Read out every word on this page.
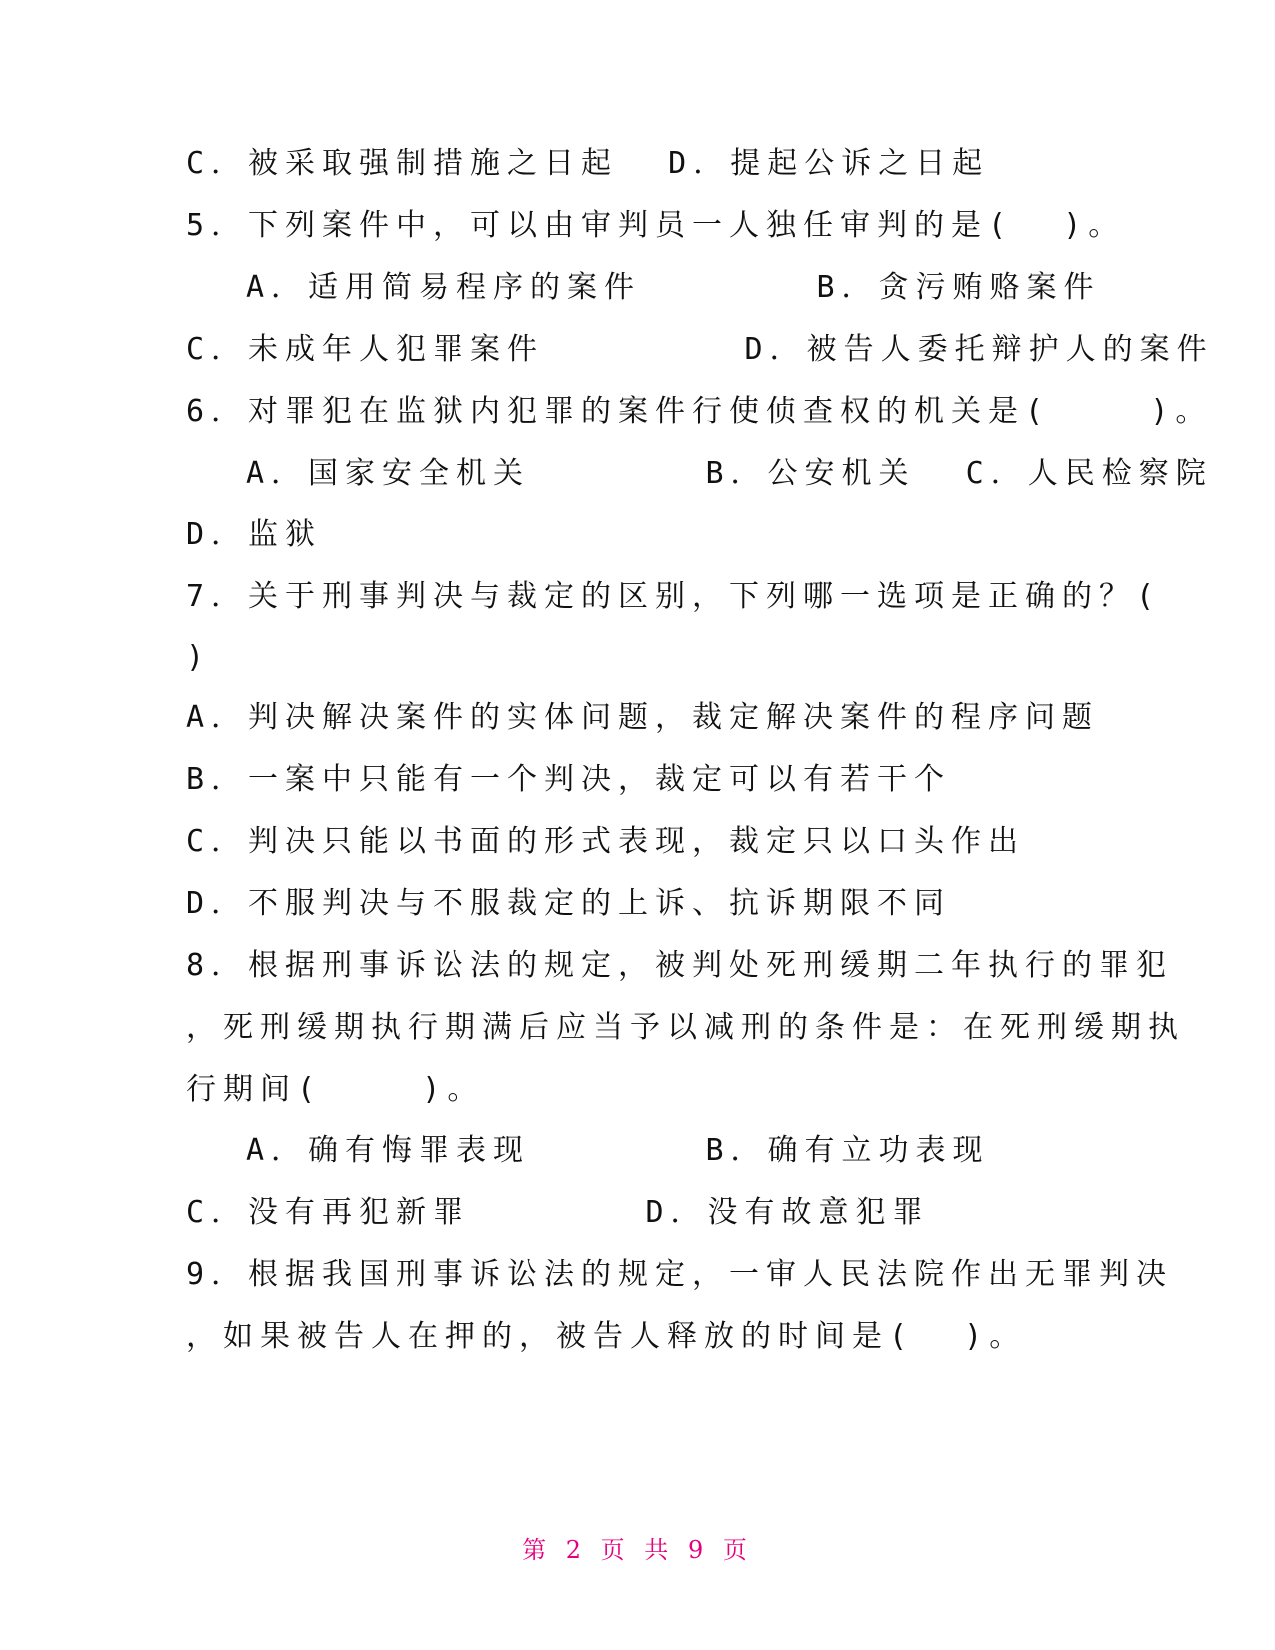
C．被采取强制措施之日起  D．提起公诉之日起
5．下列案件中，可以由审判员一人独任审判的是(  )。
A．适用简易程序的案件       B．贪污贿赂案件
C．未成年人犯罪案件        D．被告人委托辩护人的案件
6．对罪犯在监狱内犯罪的案件行使侦查权的机关是(    )。
A．国家安全机关       B．公安机关  C．人民检察院
D．监狱
7．关于刑事判决与裁定的区别，下列哪一选项是正确的？(
)
A．判决解决案件的实体问题，裁定解决案件的程序问题
B．一案中只能有一个判决，裁定可以有若干个
C．判决只能以书面的形式表现，裁定只以口头作出
D．不服判决与不服裁定的上诉、抗诉期限不同
8．根据刑事诉讼法的规定，被判处死刑缓期二年执行的罪犯
，死刑缓期执行期满后应当予以减刑的条件是：在死刑缓期执
行期间(    )。
A．确有悔罪表现       B．确有立功表现
C．没有再犯新罪       D．没有故意犯罪
9．根据我国刑事诉讼法的规定，一审人民法院作出无罪判决
，如果被告人在押的，被告人释放的时间是(  )。
第 2 页 共 9 页
